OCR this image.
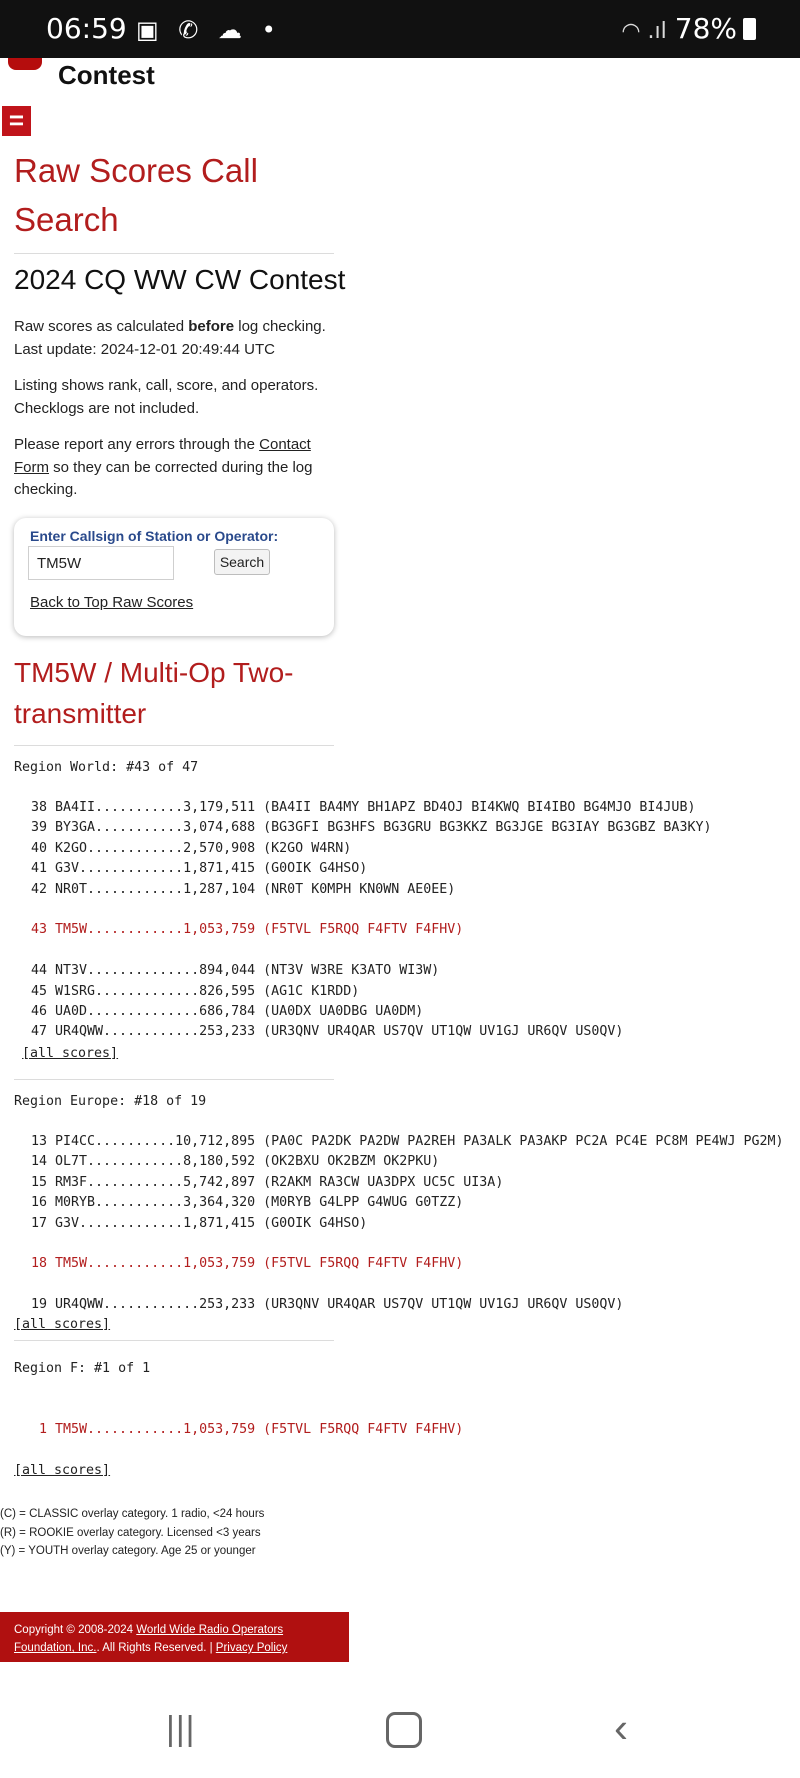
06:59 ▣ ✆ ☁ •	◠ .ıl 78%
Contest
=
Raw Scores Call Search
2024 CQ WW CW Contest
Raw scores as calculated before log checking.
Last update: 2024-12-01 20:49:44 UTC
Listing shows rank, call, score, and operators. Checklogs are not included.
Please report any errors through the Contact Form so they can be corrected during the log checking.
Enter Callsign of Station or Operator:
TM5W
Search
Back to Top Raw Scores
TM5W / Multi-Op Two-transmitter
Region World: #43 of 47
38 BA4II...........3,179,511 (BA4II BA4MY BH1APZ BD4OJ BI4KWQ BI4IBO BG4MJO BI4JUB)
39 BY3GA...........3,074,688 (BG3GFI BG3HFS BG3GRU BG3KKZ BG3JGE BG3IAY BG3GBZ BA3KY)
40 K2GO............2,570,908 (K2GO W4RN)
41 G3V.............1,871,415 (G0OIK G4HSO)
42 NR0T............1,287,104 (NR0T K0MPH KN0WN AE0EE)
43 TM5W............1,053,759 (F5TVL F5RQQ F4FTV F4FHV)
44 NT3V..............894,044 (NT3V W3RE K3ATO WI3W)
45 W1SRG.............826,595 (AG1C K1RDD)
46 UA0D..............686,784 (UA0DX UA0DBG UA0DM)
47 UR4QWW............253,233 (UR3QNV UR4QAR US7QV UT1QW UV1GJ UR6QV US0QV)
[all scores]
Region Europe: #18 of 19
13 PI4CC..........10,712,895 (PA0C PA2DK PA2DW PA2REH PA3ALK PA3AKP PC2A PC4E PC8M PE4WJ PG2M)
14 OL7T............8,180,592 (OK2BXU OK2BZM OK2PKU)
15 RM3F............5,742,897 (R2AKM RA3CW UA3DPX UC5C UI3A)
16 M0RYB...........3,364,320 (M0RYB G4LPP G4WUG G0TZZ)
17 G3V.............1,871,415 (G0OIK G4HSO)
18 TM5W............1,053,759 (F5TVL F5RQQ F4FTV F4FHV)
19 UR4QWW............253,233 (UR3QNV UR4QAR US7QV UT1QW UV1GJ UR6QV US0QV)
[all scores]
Region F: #1 of 1
1 TM5W............1,053,759 (F5TVL F5RQQ F4FTV F4FHV)
[all scores]
(C) = CLASSIC overlay category. 1 radio, <24 hours
(R) = ROOKIE overlay category. Licensed <3 years
(Y) = YOUTH overlay category. Age 25 or younger
Copyright © 2008-2024 World Wide Radio Operators Foundation, Inc.. All Rights Reserved. | Privacy Policy
|||	‹
